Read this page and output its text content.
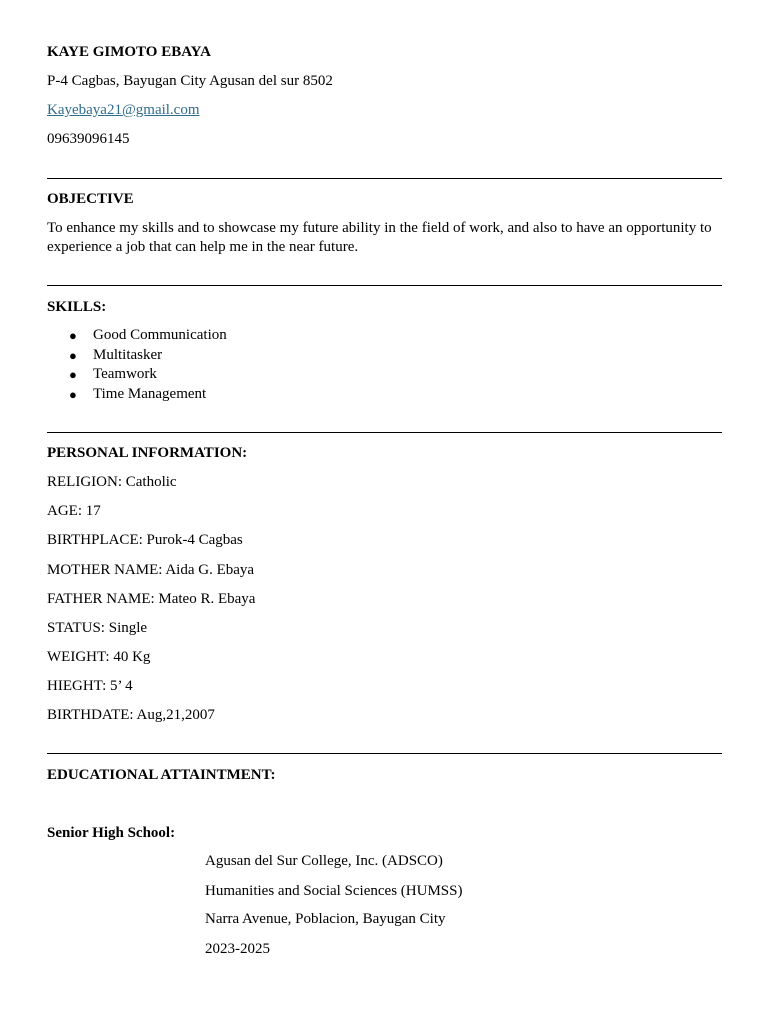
KAYE GIMOTO EBAYA
P-4 Cagbas, Bayugan City Agusan del sur 8502
Kayebaya21@gmail.com
09639096145
OBJECTIVE
To enhance my skills and to showcase my future ability in the field of work, and also to have an opportunity to experience a job that can help me in the near future.
SKILLS:
● Good Communication
● Multitasker
● Teamwork
● Time Management
PERSONAL INFORMATION:
RELIGION: Catholic
AGE: 17
BIRTHPLACE: Purok-4 Cagbas
MOTHER NAME: Aida G. Ebaya
FATHER NAME: Mateo R. Ebaya
STATUS: Single
WEIGHT: 40 Kg
HIEGHT: 5’ 4
BIRTHDATE: Aug,21,2007
EDUCATIONAL ATTAINTMENT:
Senior High School:
Agusan del Sur College, Inc. (ADSCO)
Humanities and Social Sciences (HUMSS)
Narra Avenue, Poblacion, Bayugan City
2023-2025
